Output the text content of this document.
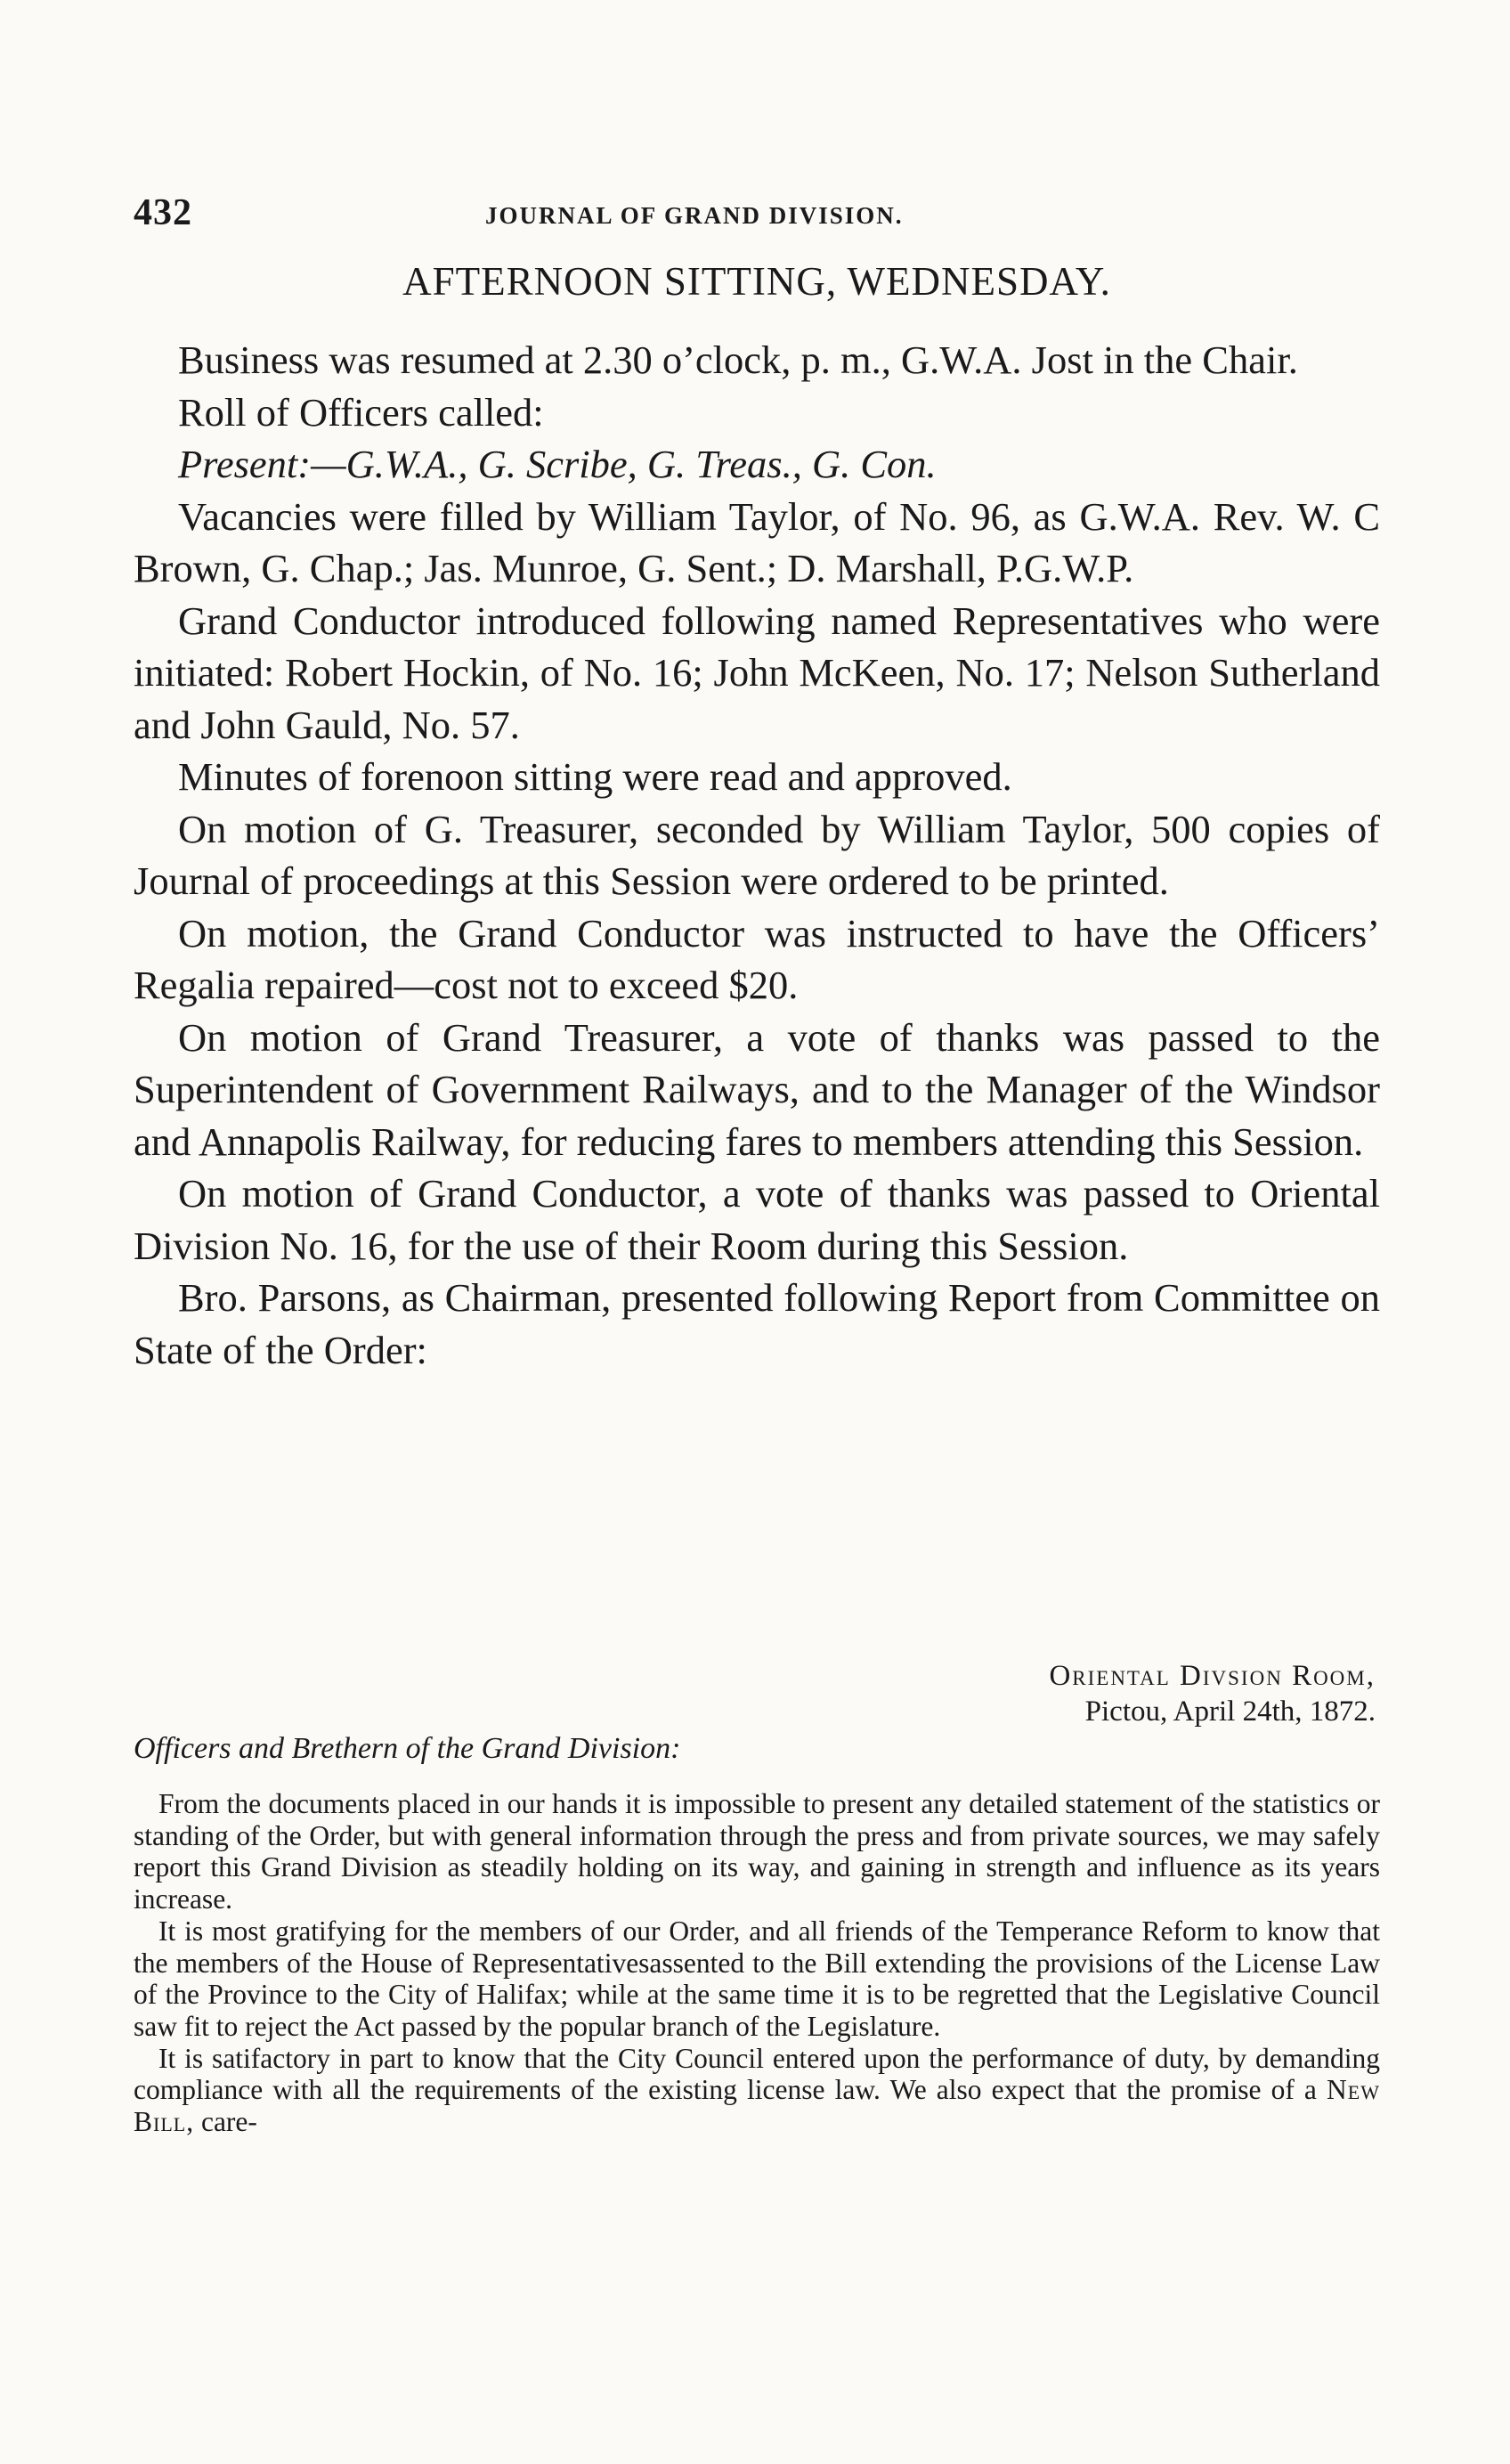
432	JOURNAL OF GRAND DIVISION.
AFTERNOON SITTING, WEDNESDAY.

Business was resumed at 2.30 o’clock, p. m., G.W.A. Jost in the Chair.

Roll of Officers called:

Present:—G.W.A., G. Scribe, G. Treas., G. Con.

Vacancies were filled by William Taylor, of No. 96, as G.W.A. Rev. W. C Brown, G. Chap.; Jas. Munroe, G. Sent.; D. Marshall, P.G.W.P.

Grand Conductor introduced following named Representatives who were initiated: Robert Hockin, of No. 16; John McKeen, No. 17; Nelson Sutherland and John Gauld, No. 57.

Minutes of forenoon sitting were read and approved.

On motion of G. Treasurer, seconded by William Taylor, 500 copies of Journal of proceedings at this Session were ordered to be printed.

On motion, the Grand Conductor was instructed to have the Officers’ Regalia repaired—cost not to exceed $20.

On motion of Grand Treasurer, a vote of thanks was passed to the Superintendent of Government Railways, and to the Manager of the Windsor and Annapolis Railway, for reducing fares to members attending this Session.

On motion of Grand Conductor, a vote of thanks was passed to Oriental Division No. 16, for the use of their Room during this Session.

Bro. Parsons, as Chairman, presented following Report from Committee on State of the Order:

Oriental Divsion Room,
Pictou, April 24th, 1872.
Officers and Brethern of the Grand Division:

From the documents placed in our hands it is impossible to present any detailed statement of the statistics or standing of the Order, but with general information through the press and from private sources, we may safely report this Grand Division as steadily holding on its way, and gaining in strength and influence as its years increase.

It is most gratifying for the members of our Order, and all friends of the Temperance Reform to know that the members of the House of Representativesassented to the Bill extending the provisions of the License Law of the Province to the City of Halifax; while at the same time it is to be regretted that the Legislative Council saw fit to reject the Act passed by the popular branch of the Legislature.

It is satifactory in part to know that the City Council entered upon the performance of duty, by demanding compliance with all the requirements of the existing license law. We also expect that the promise of a New Bill, care-
